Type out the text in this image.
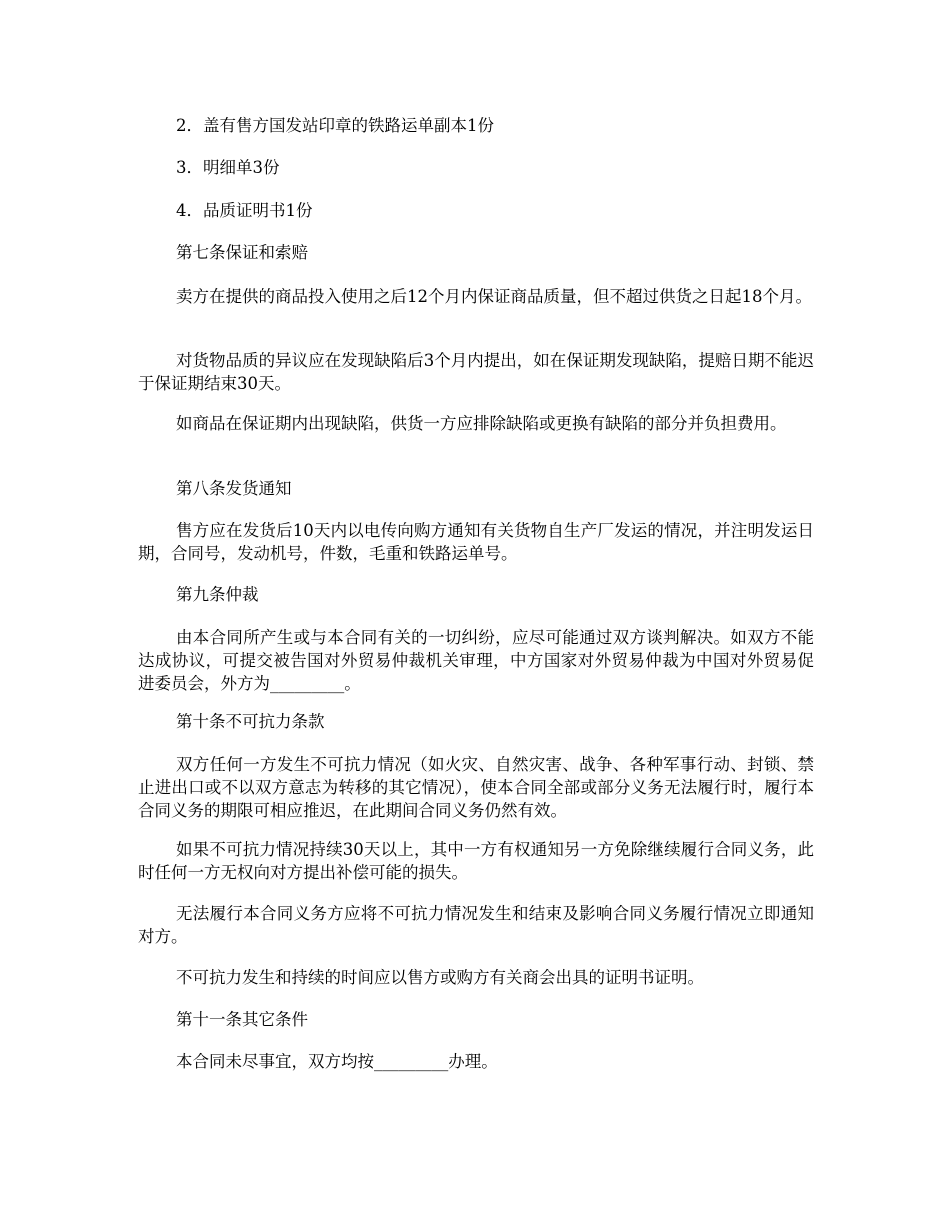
2．盖有售方国发站印章的铁路运单副本1份

3．明细单3份

4．品质证明书1份

第七条保证和索赔

卖方在提供的商品投入使用之后12个月内保证商品质量，但不超过供货之日起18个月。

对货物品质的异议应在发现缺陷后3个月内提出，如在保证期发现缺陷，提赔日期不能迟于保证期结束30天。

如商品在保证期内出现缺陷，供货一方应排除缺陷或更换有缺陷的部分并负担费用。

第八条发货通知

售方应在发货后10天内以电传向购方通知有关货物自生产厂发运的情况，并注明发运日期，合同号，发动机号，件数，毛重和铁路运单号。

第九条仲裁

由本合同所产生或与本合同有关的一切纠纷，应尽可能通过双方谈判解决。如双方不能达成协议，可提交被告国对外贸易仲裁机关审理，中方国家对外贸易仲裁为中国对外贸易促进委员会，外方为_________。

第十条不可抗力条款

双方任何一方发生不可抗力情况（如火灾、自然灾害、战争、各种军事行动、封锁、禁止进出口或不以双方意志为转移的其它情况），使本合同全部或部分义务无法履行时，履行本合同义务的期限可相应推迟，在此期间合同义务仍然有效。

如果不可抗力情况持续30天以上，其中一方有权通知另一方免除继续履行合同义务，此时任何一方无权向对方提出补偿可能的损失。

无法履行本合同义务方应将不可抗力情况发生和结束及影响合同义务履行情况立即通知对方。

不可抗力发生和持续的时间应以售方或购方有关商会出具的证明书证明。

第十一条其它条件

本合同未尽事宜，双方均按_________办理。
